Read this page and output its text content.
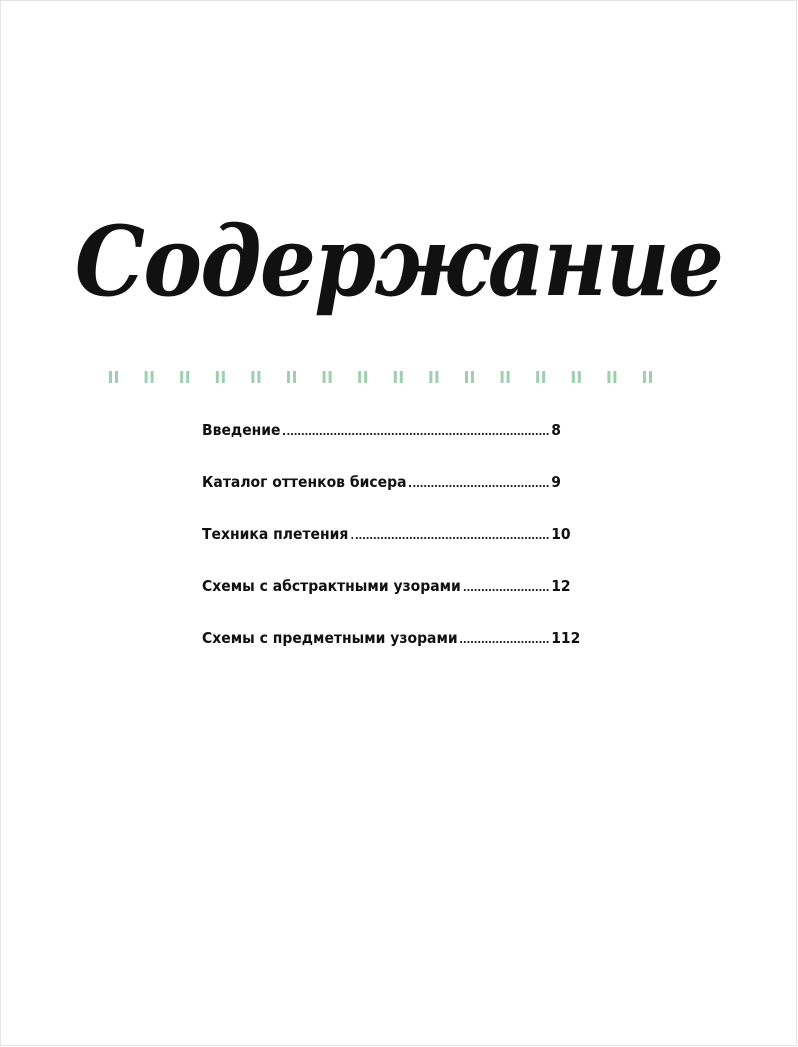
Содержание
Введение	8
Каталог оттенков бисера	9
Техника плетения	10
Схемы с абстрактными узорами	12
Схемы с предметными узорами	112
